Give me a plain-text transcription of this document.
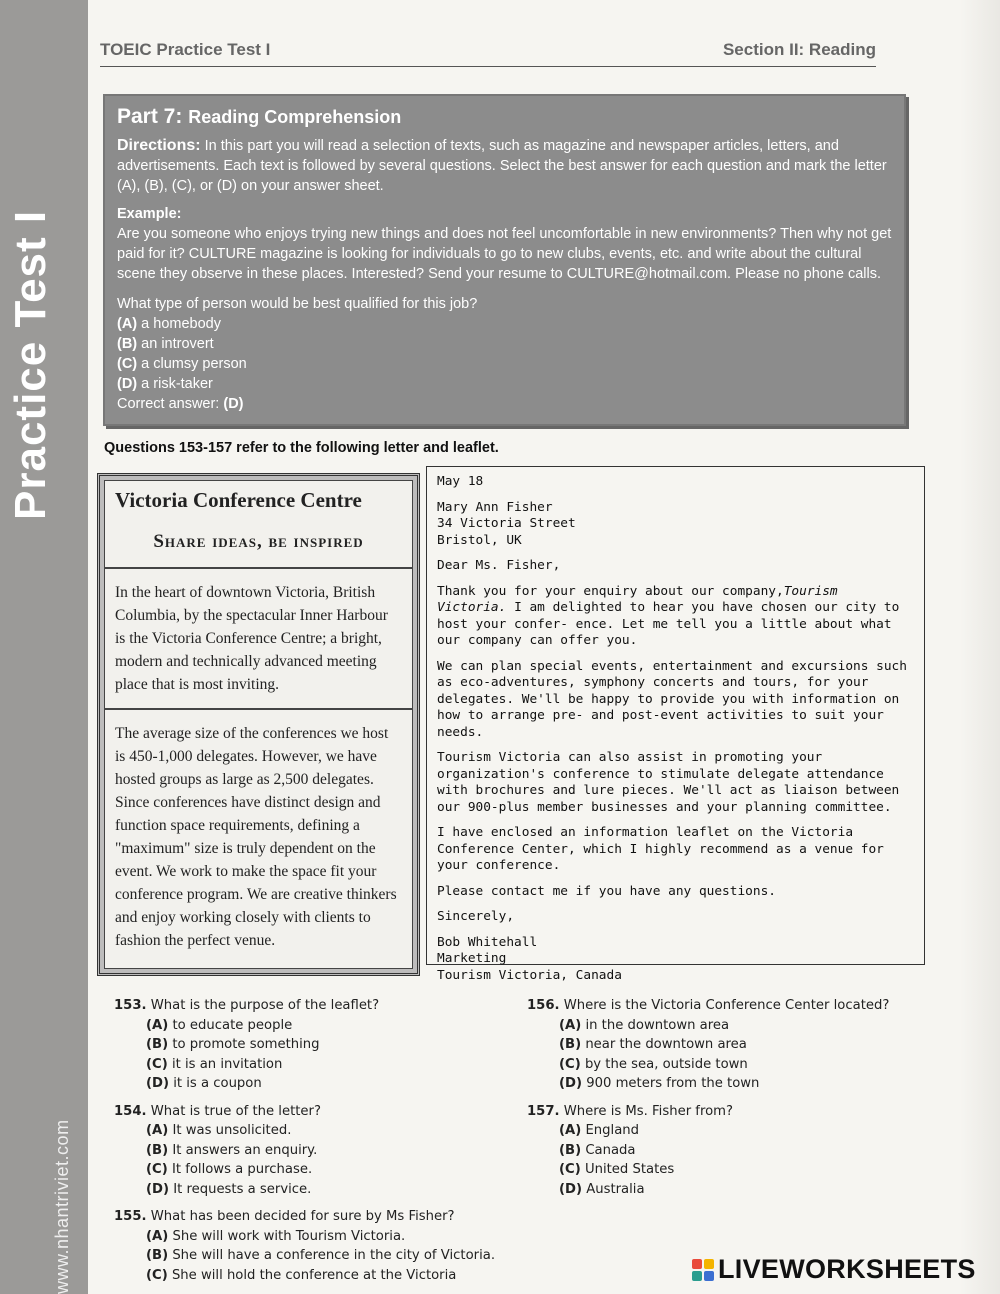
Practice Test I
www.nhantriviet.com
TOEIC Practice Test I	Section II: Reading
Part 7: Reading Comprehension
Directions: In this part you will read a selection of texts, such as magazine and newspaper articles, letters, and advertisements. Each text is followed by several questions. Select the best answer for each question and mark the letter (A), (B), (C), or (D) on your answer sheet.
Example:
Are you someone who enjoys trying new things and does not feel uncomfortable in new environments? Then why not get paid for it? CULTURE magazine is looking for individuals to go to new clubs, events, etc. and write about the cultural scene they observe in these places. Interested? Send your resume to CULTURE@hotmail.com. Please no phone calls.
What type of person would be best qualified for this job?
(A) a homebody
(B) an introvert
(C) a clumsy person
(D) a risk-taker
Correct answer: (D)
Questions 153-157 refer to the following letter and leaflet.
Victoria Conference Centre
Share ideas, be inspired
In the heart of downtown Victoria, British Columbia, by the spectacular Inner Harbour is the Victoria Conference Centre; a bright, modern and technically advanced meeting place that is most inviting.
The average size of the conferences we host is 450-1,000 delegates. However, we have hosted groups as large as 2,500 delegates. Since conferences have distinct design and function space requirements, defining a "maximum" size is truly dependent on the event. We work to make the space fit your conference program. We are creative thinkers and enjoy working closely with clients to fashion the perfect venue.
May 18
Mary Ann Fisher
34 Victoria Street
Bristol, UK
Dear Ms. Fisher,
Thank you for your enquiry about our company,Tourism Victoria. I am delighted to hear you have chosen our city to host your confer- ence. Let me tell you a little about what our company can offer you.
We can plan special events, entertainment and excursions such as eco-adventures, symphony concerts and tours, for your delegates. We'll be happy to provide you with information on how to arrange pre- and post-event activities to suit your needs.
Tourism Victoria can also assist in promoting your organization's conference to stimulate delegate attendance with brochures and lure pieces. We'll act as liaison between our 900-plus member businesses and your planning committee.
I have enclosed an information leaflet on the Victoria Conference Center, which I highly recommend as a venue for your conference.
Please contact me if you have any questions.
Sincerely,
Bob Whitehall
Marketing
Tourism Victoria, Canada
153. What is the purpose of the leaflet?
(A) to educate people
(B) to promote something
(C) it is an invitation
(D) it is a coupon
154. What is true of the letter?
(A) It was unsolicited.
(B) It answers an enquiry.
(C) It follows a purchase.
(D) It requests a service.
155. What has been decided for sure by Ms Fisher?
(A) She will work with Tourism Victoria.
(B) She will have a conference in the city of Victoria.
(C) She will hold the conference at the Victoria
156. Where is the Victoria Conference Center located?
(A) in the downtown area
(B) near the downtown area
(C) by the sea, outside town
(D) 900 meters from the town
157. Where is Ms. Fisher from?
(A) England
(B) Canada
(C) United States
(D) Australia
LIVEWORKSHEETS
